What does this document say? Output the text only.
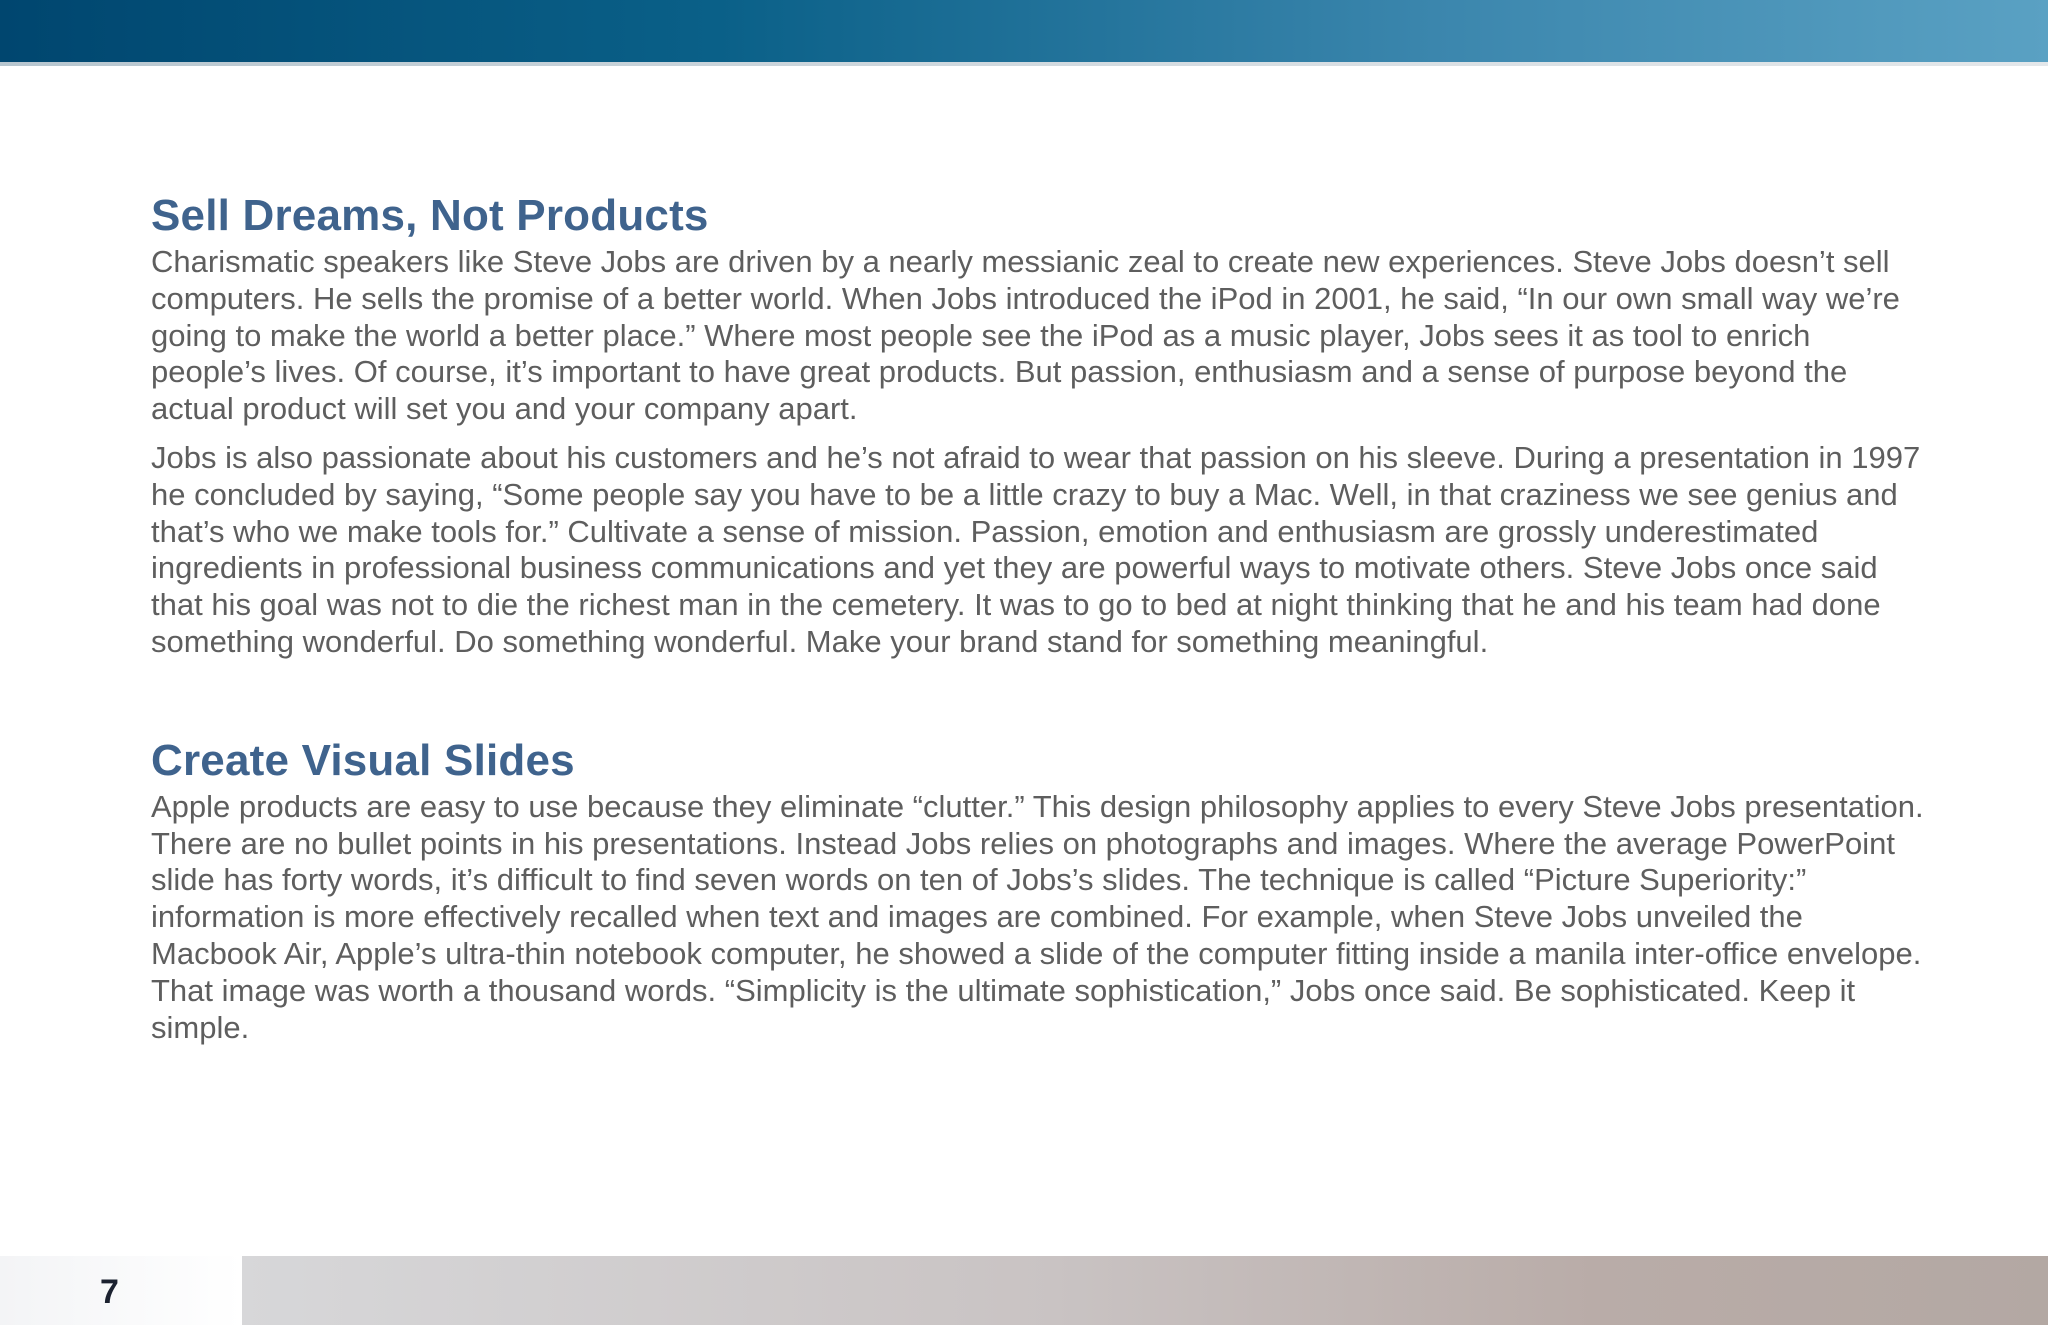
Sell Dreams, Not Products

Charismatic speakers like Steve Jobs are driven by a nearly messianic zeal to create new experiences. Steve Jobs doesn’t sell computers. He sells the promise of a better world. When Jobs introduced the iPod in 2001, he said, “In our own small way we’re going to make the world a better place.” Where most people see the iPod as a music player, Jobs sees it as tool to enrich people’s lives. Of course, it’s important to have great products. But passion, enthusiasm and a sense of purpose beyond the actual product will set you and your company apart.

Jobs is also passionate about his customers and he’s not afraid to wear that passion on his sleeve. During a presentation in 1997 he concluded by saying, “Some people say you have to be a little crazy to buy a Mac. Well, in that craziness we see genius and that’s who we make tools for.” Cultivate a sense of mission. Passion, emotion and enthusiasm are grossly underestimated ingredients in professional business communications and yet they are powerful ways to motivate others. Steve Jobs once said that his goal was not to die the richest man in the cemetery. It was to go to bed at night thinking that he and his team had done something wonderful. Do something wonderful. Make your brand stand for something meaningful.

Create Visual Slides

Apple products are easy to use because they eliminate “clutter.” This design philosophy applies to every Steve Jobs presentation. There are no bullet points in his presentations. Instead Jobs relies on photographs and images. Where the average PowerPoint slide has forty words, it’s difficult to find seven words on ten of Jobs’s slides. The technique is called “Picture Superiority:” information is more effectively recalled when text and images are combined. For example, when Steve Jobs unveiled the Macbook Air, Apple’s ultra-thin notebook computer, he showed a slide of the computer fitting inside a manila inter-office envelope. That image was worth a thousand words. “Simplicity is the ultimate sophistication,” Jobs once said. Be sophisticated. Keep it simple.

7
